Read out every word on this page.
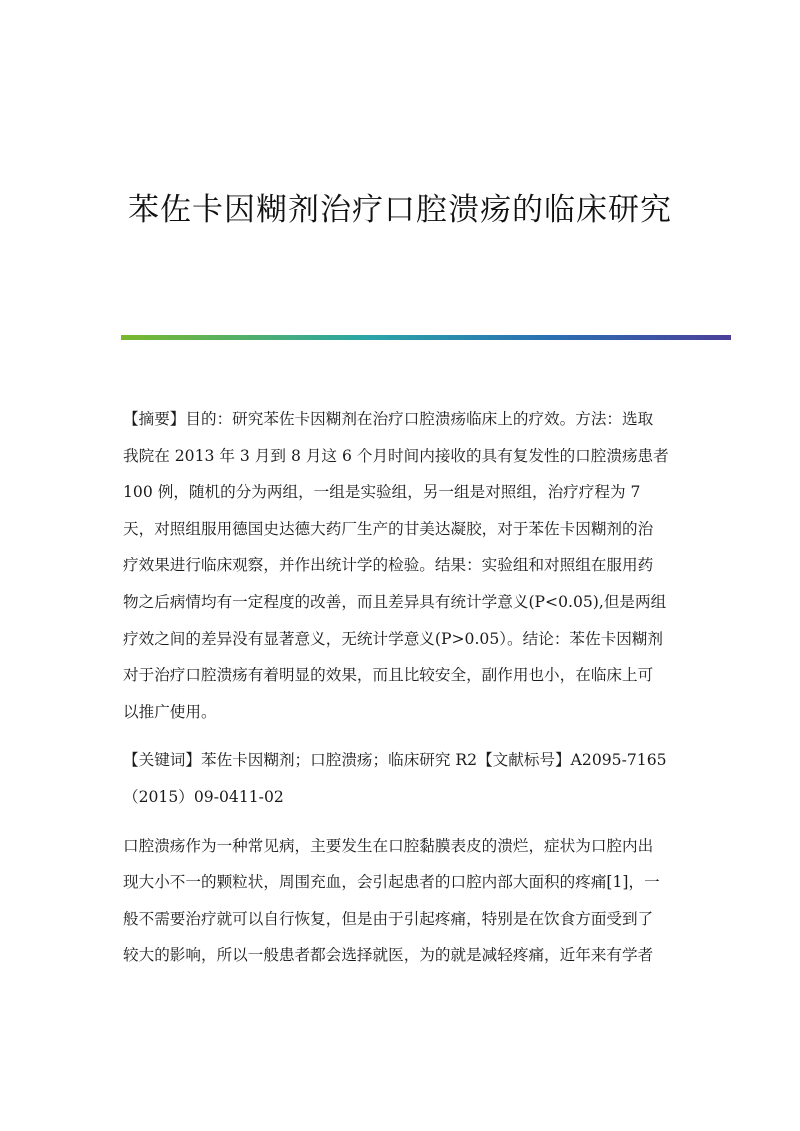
苯佐卡因糊剂治疗口腔溃疡的临床研究

【摘要】目的：研究苯佐卡因糊剂在治疗口腔溃疡临床上的疗效。方法：选取
我院在 2013 年 3 月到 8 月这 6 个月时间内接收的具有复发性的口腔溃疡患者
100 例，随机的分为两组，一组是实验组，另一组是对照组，治疗疗程为 7
天，对照组服用德国史达德大药厂生产的甘美达凝胶，对于苯佐卡因糊剂的治
疗效果进行临床观察，并作出统计学的检验。结果：实验组和对照组在服用药
物之后病情均有一定程度的改善，而且差异具有统计学意义(P<0.05),但是两组
疗效之间的差异没有显著意义，无统计学意义(P>0.05）。结论：苯佐卡因糊剂
对于治疗口腔溃疡有着明显的效果，而且比较安全，副作用也小，在临床上可
以推广使用。

【关键词】苯佐卡因糊剂；口腔溃疡；临床研究 R2【文献标号】A2095-7165
（2015）09-0411-02

口腔溃疡作为一种常见病，主要发生在口腔黏膜表皮的溃烂，症状为口腔内出
现大小不一的颗粒状，周围充血，会引起患者的口腔内部大面积的疼痛[1]，一
般不需要治疗就可以自行恢复，但是由于引起疼痛，特别是在饮食方面受到了
较大的影响，所以一般患者都会选择就医，为的就是减轻疼痛，近年来有学者
